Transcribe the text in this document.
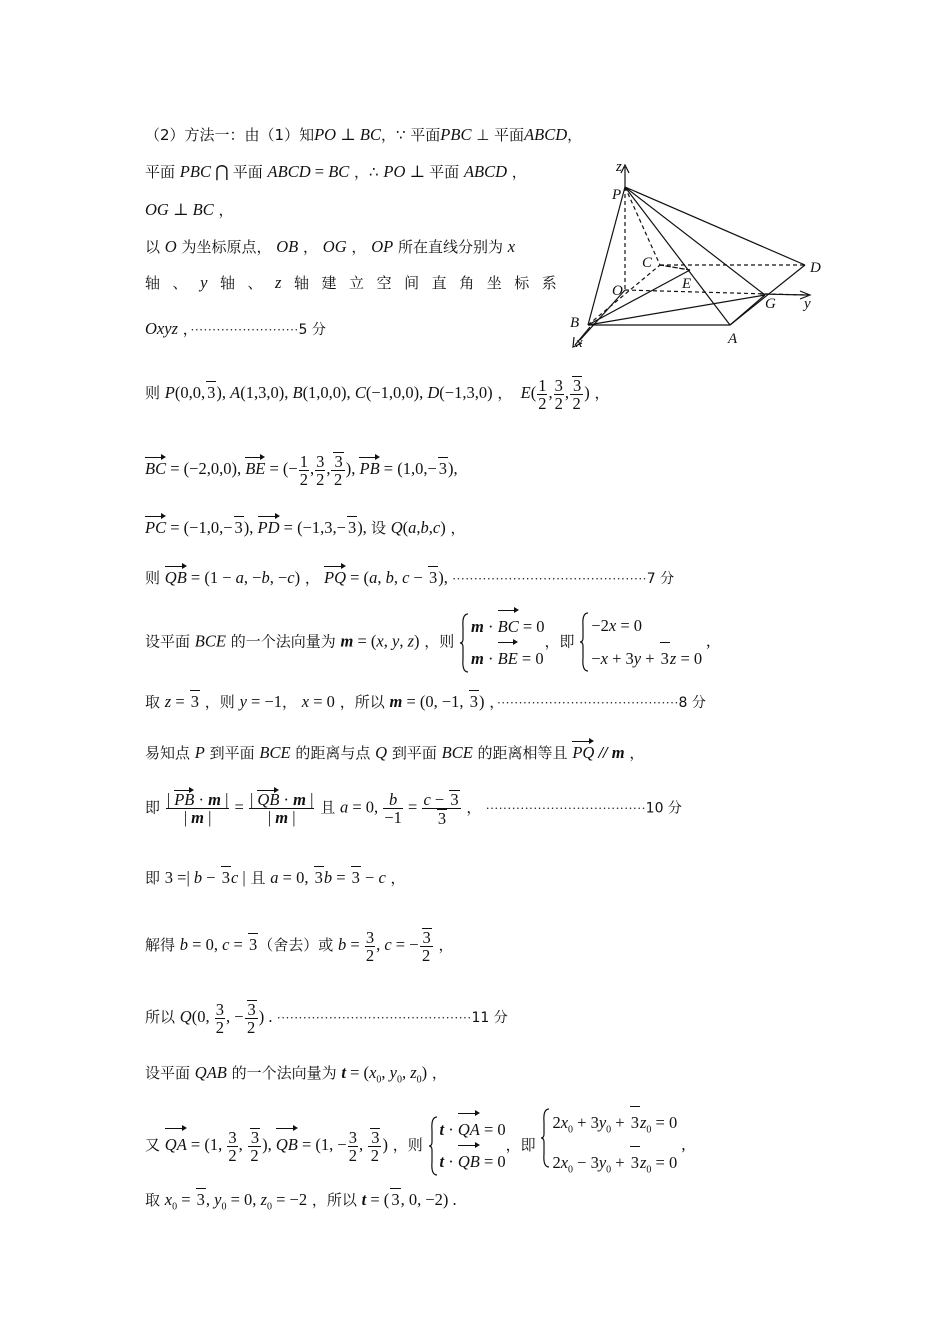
（2）方法一：由（1）知PO ⊥ BC，∵ 平面PBC ⊥ 平面ABCD，
平面 PBC ⋂ 平面 ABCD = BC ，∴ PO ⊥ 平面 ABCD ，
OG ⊥ BC ，
以 O 为坐标原点， OB ， OG ， OP 所在直线分别为 x
轴  、  y  轴  、  z  轴  建  立  空  间  直  角  坐  标  系
Oxyz ，·························5 分
z
P
C	D
O	E
G y
B
A
x
则 P(0,0, 3), A(1,3,0), B(1,0,0), C(−1,0,0), D(−1,3,0) ， $E( \frac{1}{2}$ , $\frac{3}{2}$ , $\frac{3}{2}$ ) ，
BC = (−2,0,0), BE = (− $\frac{1}{2}$ , $\frac{3}{2}$ , $\frac{3}{2}$ ), PB = (1,0,− 3),
PC = (−1,0,− 3), PD = (−1,3,− 3), 设 Q(a,b,c) ，
则 QB = (1 − a, −b, −c) ， PQ = (a, b, c − 3), ·············································7 分
设平面 BCE 的一个法向量为 m = (x, y, z) ，则
m · BC = 0
m · BE = 0
，即
−2x = 0
−x + 3y + 3z = 0
,
取 z = 3 ，则 y = −1， x = 0 ，所以 m = (0, −1, 3) ，··········································8 分
易知点 P 到平面 BCE 的距离与点 Q 到平面 BCE 的距离相等且 PQ // m ，
即 $\frac{| PB \cdot m |}{| m |} = \frac{| QB \cdot m |}{| m |}$ 且 a = 0, $\frac{b}{-1} = \frac{c - 3}{3}$ ， ·····································10 分
即 3 =| b − 3c | 且 a = 0, 3b = 3 − c ，
解得 b = 0, c = 3（舍去）或 $b = \frac{3}{2}$ , c = − $\frac{3}{2}$ ，
所以 Q(0, $\frac{3}{2}$ , − $\frac{3}{2}$ ) . ·············································11 分
设平面 QAB 的一个法向量为 $t = (x_0$, $y_0$, $z_0$) ，
又 QA = (1, $\frac{3}{2}$ , $\frac{3}{2}$ ), QB = (1, − $\frac{3}{2}$ , $\frac{3}{2}$ ) ，则
t · QA = 0
t · QB = 0
，即
$2x_0 + 3y_0 + 3z_0 = 0$
$2x_0 - 3y_0 + 3z_0 = 0$
,
取 $x_0 = 3$, $y_0 = 0$, $z_0 = -2$ ，所以 t = ( 3, 0, −2) .
